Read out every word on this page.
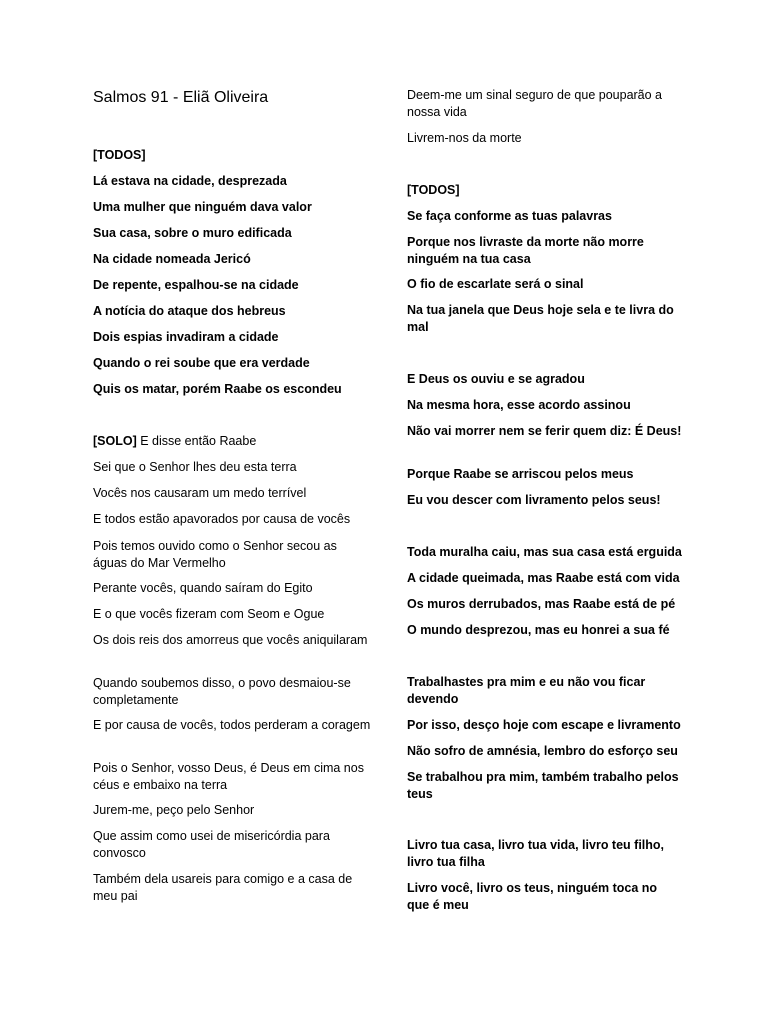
Salmos 91 - Eliã Oliveira

[TODOS]

Lá estava na cidade, desprezada

Uma mulher que ninguém dava valor

Sua casa, sobre o muro edificada

Na cidade nomeada Jericó

De repente, espalhou-se na cidade

A notícia do ataque dos hebreus

Dois espias invadiram a cidade

Quando o rei soube que era verdade

Quis os matar, porém Raabe os escondeu

[SOLO] E disse então Raabe

Sei que o Senhor lhes deu esta terra

Vocês nos causaram um medo terrível

E todos estão apavorados por causa de vocês

Pois temos ouvido como o Senhor secou as águas do Mar Vermelho

Perante vocês, quando saíram do Egito

E o que vocês fizeram com Seom e Ogue

Os dois reis dos amorreus que vocês aniquilaram

Quando soubemos disso, o povo desmaiou-se completamente

E por causa de vocês, todos perderam a coragem

Pois o Senhor, vosso Deus, é Deus em cima nos céus e embaixo na terra

Jurem-me, peço pelo Senhor

Que assim como usei de misericórdia para convosco

Também dela usareis para comigo e a casa de meu pai

Deem-me um sinal seguro de que pouparão a nossa vida

Livrem-nos da morte

[TODOS]

Se faça conforme as tuas palavras

Porque nos livraste da morte não morre ninguém na tua casa

O fio de escarlate será o sinal

Na tua janela que Deus hoje sela e te livra do mal

E Deus os ouviu e se agradou

Na mesma hora, esse acordo assinou

Não vai morrer nem se ferir quem diz: É Deus!

Porque Raabe se arriscou pelos meus

Eu vou descer com livramento pelos seus!

Toda muralha caiu, mas sua casa está erguida

A cidade queimada, mas Raabe está com vida

Os muros derrubados, mas Raabe está de pé

O mundo desprezou, mas eu honrei a sua fé

Trabalhastes pra mim e eu não vou ficar devendo

Por isso, desço hoje com escape e livramento

Não sofro de amnésia, lembro do esforço seu

Se trabalhou pra mim, também trabalho pelos teus

Livro tua casa, livro tua vida, livro teu filho, livro tua filha

Livro você, livro os teus, ninguém toca no que é meu
